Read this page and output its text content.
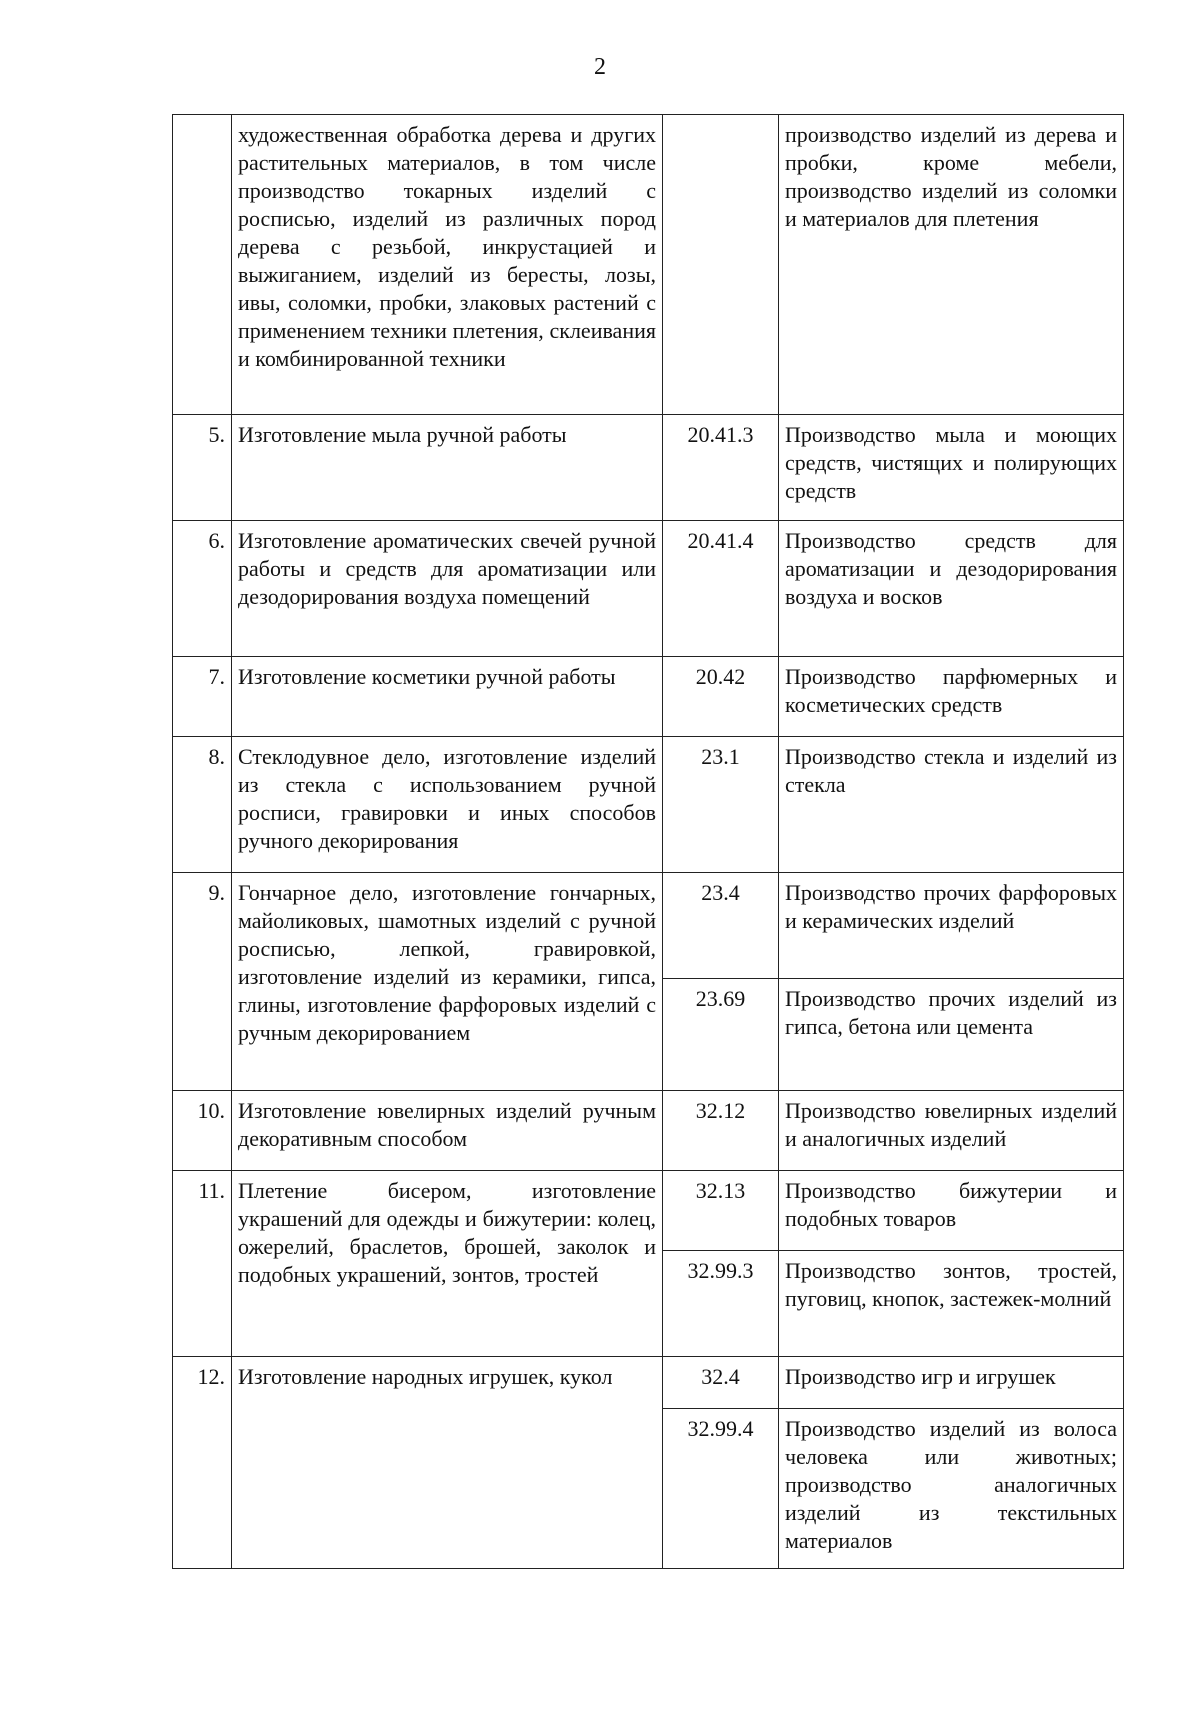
2
	художественная обработка дерева и других растительных материалов, в том числе производство токарных изделий с росписью, изделий из различных пород дерева с резьбой, инкрустацией и выжиганием, изделий из бересты, лозы, ивы, соломки, пробки, злаковых растений с применением техники плетения, склеивания и комбинированной техники		производство изделий из дерева и пробки, кроме мебели, производство изделий из соломки и материалов для плетения
5.	Изготовление мыла ручной работы	20.41.3	Производство мыла и моющих средств, чистящих и полирующих средств
6.	Изготовление ароматических свечей ручной работы и средств для ароматизации или дезодорирования воздуха помещений	20.41.4	Производство средств для ароматизации и дезодорирования воздуха и восков
7.	Изготовление косметики ручной работы	20.42	Производство парфюмерных и косметических средств
8.	Стеклодувное дело, изготовление изделий из стекла с использованием ручной росписи, гравировки и иных способов ручного декорирования	23.1	Производство стекла и изделий из стекла
9.	Гончарное дело, изготовление гончарных, майоликовых, шамотных изделий с ручной росписью, лепкой, гравировкой, изготовление изделий из керамики, гипса, глины, изготовление фарфоровых изделий с ручным декорированием	23.4	Производство прочих фарфоровых и керамических изделий
		23.69	Производство прочих изделий из гипса, бетона или цемента
10.	Изготовление ювелирных изделий ручным декоративным способом	32.12	Производство ювелирных изделий и аналогичных изделий
11.	Плетение бисером, изготовление украшений для одежды и бижутерии: колец, ожерелий, браслетов, брошей, заколок и подобных украшений, зонтов, тростей	32.13	Производство бижутерии и подобных товаров
		32.99.3	Производство зонтов, тростей, пуговиц, кнопок, застежек-молний
12.	Изготовление народных игрушек, кукол	32.4	Производство игр и игрушек
		32.99.4	Производство изделий из волоса человека или животных; производство аналогичных изделий из текстильных материалов
